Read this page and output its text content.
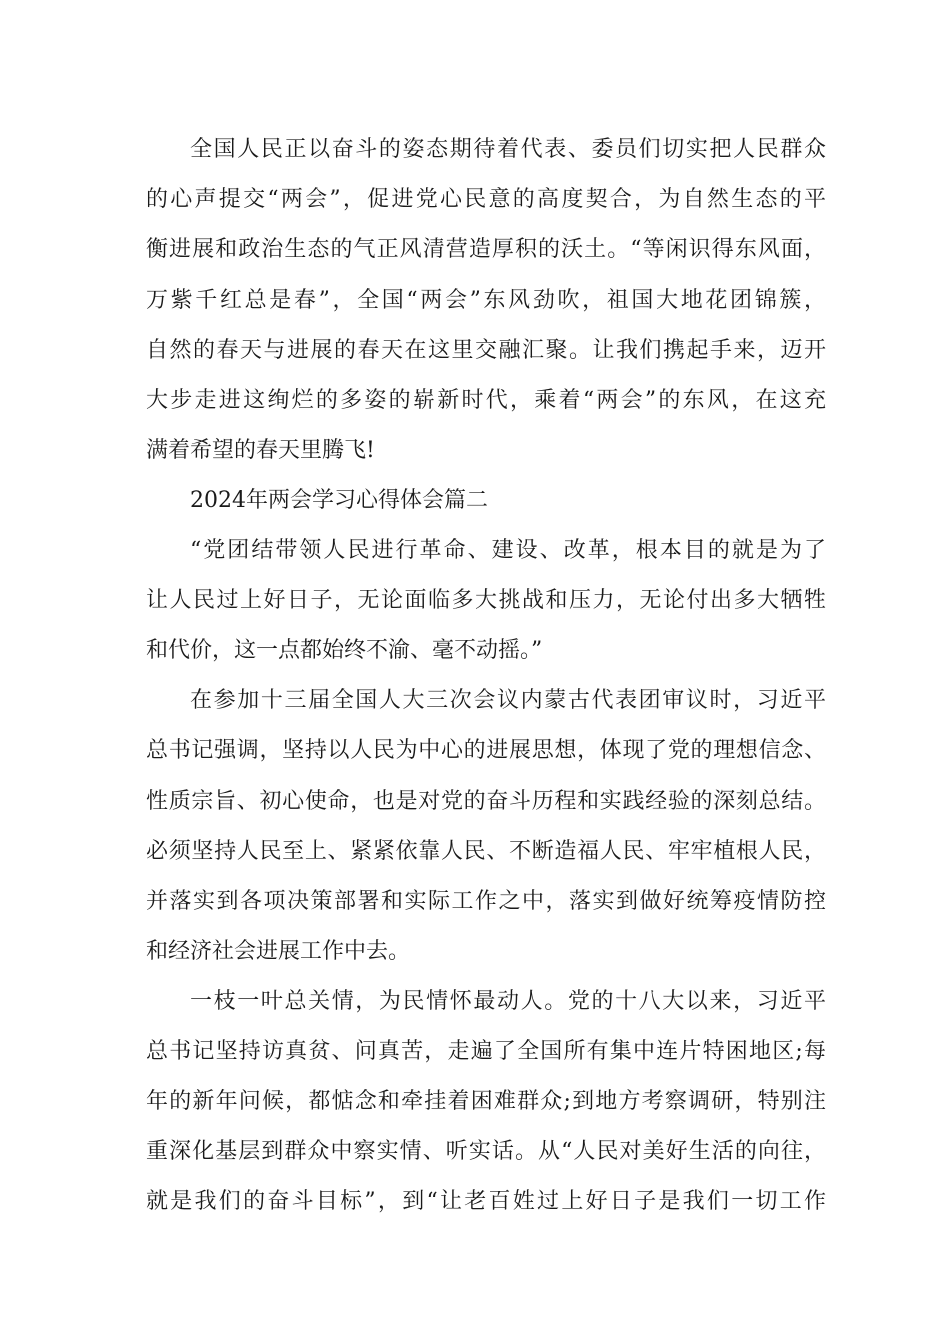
全国人民正以奋斗的姿态期待着代表、委员们切实把人民群众
的心声提交“两会”，促进党心民意的高度契合，为自然生态的平
衡进展和政治生态的气正风清营造厚积的沃土。“等闲识得东风面，
万紫千红总是春”，全国“两会”东风劲吹，祖国大地花团锦簇，
自然的春天与进展的春天在这里交融汇聚。让我们携起手来，迈开
大步走进这绚烂的多姿的崭新时代，乘着“两会”的东风，在这充
满着希望的春天里腾飞!
2024年两会学习心得体会篇二
“党团结带领人民进行革命、建设、改革，根本目的就是为了
让人民过上好日子，无论面临多大挑战和压力，无论付出多大牺牲
和代价，这一点都始终不渝、毫不动摇。”
在参加十三届全国人大三次会议内蒙古代表团审议时，习近平
总书记强调，坚持以人民为中心的进展思想，体现了党的理想信念、
性质宗旨、初心使命，也是对党的奋斗历程和实践经验的深刻总结。
必须坚持人民至上、紧紧依靠人民、不断造福人民、牢牢植根人民，
并落实到各项决策部署和实际工作之中，落实到做好统筹疫情防控
和经济社会进展工作中去。
一枝一叶总关情，为民情怀最动人。党的十八大以来，习近平
总书记坚持访真贫、问真苦，走遍了全国所有集中连片特困地区;每
年的新年问候，都惦念和牵挂着困难群众;到地方考察调研，特别注
重深化基层到群众中察实情、听实话。从“人民对美好生活的向往，
就是我们的奋斗目标”，到“让老百姓过上好日子是我们一切工作
